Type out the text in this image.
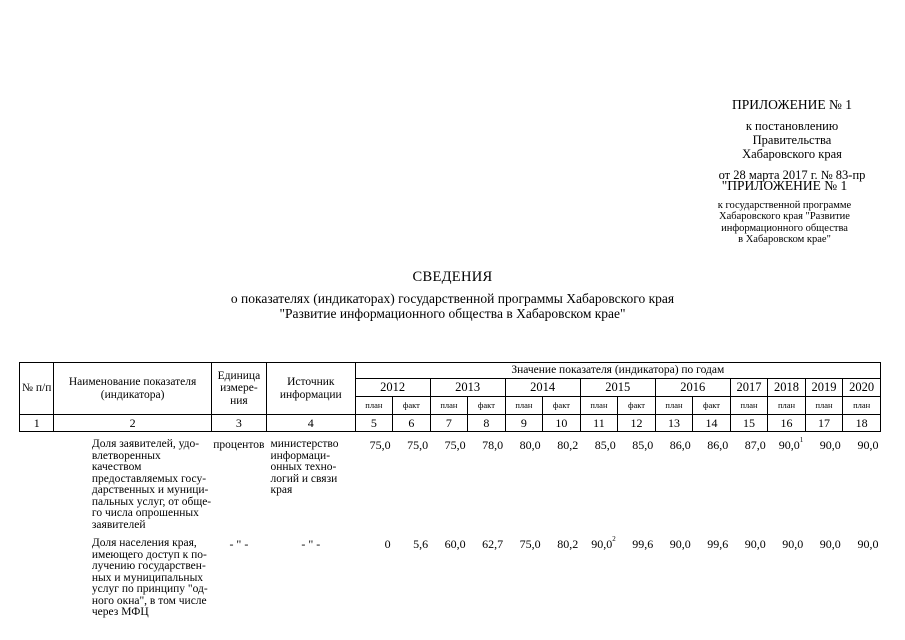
ПРИЛОЖЕНИЕ № 1
к постановлению
Правительства
Хабаровского края
от 28 марта 2017 г. № 83-пр
"ПРИЛОЖЕНИЕ № 1
к государственной программе
Хабаровского края "Развитие
информационного общества
в Хабаровском крае"
СВЕДЕНИЯ
о показателях (индикаторах) государственной программы Хабаровского края
"Развитие информационного общества в Хабаровском крае"
№ п/п	Наименование показателя (индикатора)	Единица измере-ния	Источник информации	Значение показателя (индикатора) по годам													
				2012		2013		2014		2015		2016		2017	2018	2019	2020
				план	факт	план	факт	план	факт	план	факт	план	факт	план	план	план	план
1	2	3	4	5	6	7	8	9	10	11	12	13	14	15	16	17	18
	Доля заявителей, удо-влетворенных качеством предоставляемых госу-дарственных и муници-пальных услуг, от обще-го числа опрошенных заявителей	процентов	министерство информаци-онных техно-логий и связи края	75,0	75,0	75,0	78,0	80,0	80,2	85,0	85,0	86,0	86,0	87,0	90,0$^1$	90,0	90,0
	Доля населения края, имеющего доступ к по-лучению государствен-ных и муниципальных услуг по принципу "од-ного окна", в том числе через МФЦ	- " -	- " -	0	5,6	60,0	62,7	75,0	80,2	90,0$^2$	99,6	90,0	99,6	90,0	90,0	90,0	90,0
